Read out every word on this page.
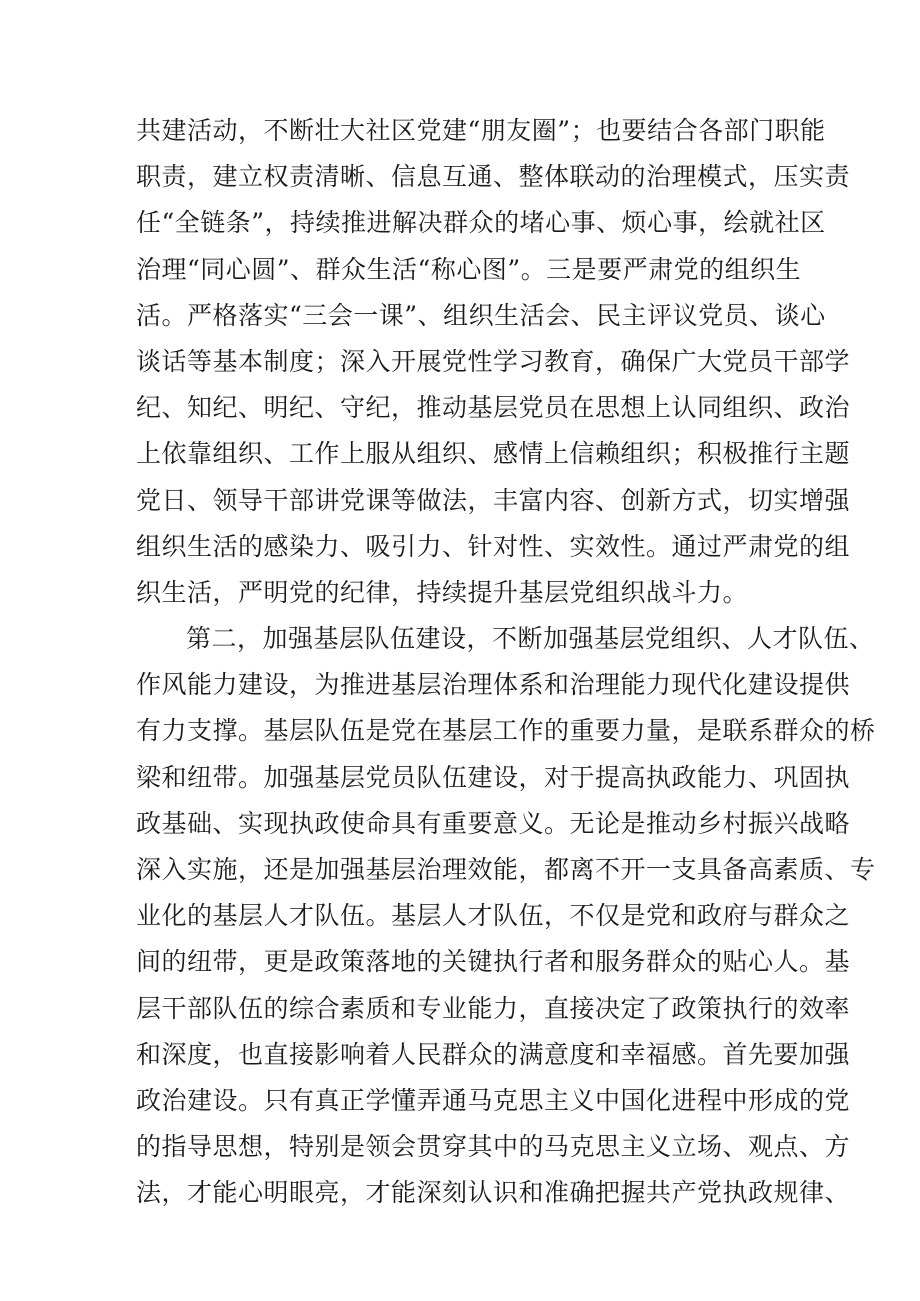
共建活动，不断壮大社区党建“朋友圈”；也要结合各部门职能
职责，建立权责清晰、信息互通、整体联动的治理模式，压实责
任“全链条”，持续推进解决群众的堵心事、烦心事，绘就社区
治理“同心圆”、群众生活“称心图”。三是要严肃党的组织生
活。严格落实“三会一课”、组织生活会、民主评议党员、谈心
谈话等基本制度；深入开展党性学习教育，确保广大党员干部学
纪、知纪、明纪、守纪，推动基层党员在思想上认同组织、政治
上依靠组织、工作上服从组织、感情上信赖组织；积极推行主题
党日、领导干部讲党课等做法，丰富内容、创新方式，切实增强
组织生活的感染力、吸引力、针对性、实效性。通过严肃党的组
织生活，严明党的纪律，持续提升基层党组织战斗力。
第二，加强基层队伍建设，不断加强基层党组织、人才队伍、
作风能力建设，为推进基层治理体系和治理能力现代化建设提供
有力支撑。基层队伍是党在基层工作的重要力量，是联系群众的桥
梁和纽带。加强基层党员队伍建设，对于提高执政能力、巩固执
政基础、实现执政使命具有重要意义。无论是推动乡村振兴战略
深入实施，还是加强基层治理效能，都离不开一支具备高素质、专
业化的基层人才队伍。基层人才队伍，不仅是党和政府与群众之
间的纽带，更是政策落地的关键执行者和服务群众的贴心人。基
层干部队伍的综合素质和专业能力，直接决定了政策执行的效率
和深度，也直接影响着人民群众的满意度和幸福感。首先要加强
政治建设。只有真正学懂弄通马克思主义中国化进程中形成的党
的指导思想，特别是领会贯穿其中的马克思主义立场、观点、方
法，才能心明眼亮，才能深刻认识和准确把握共产党执政规律、
